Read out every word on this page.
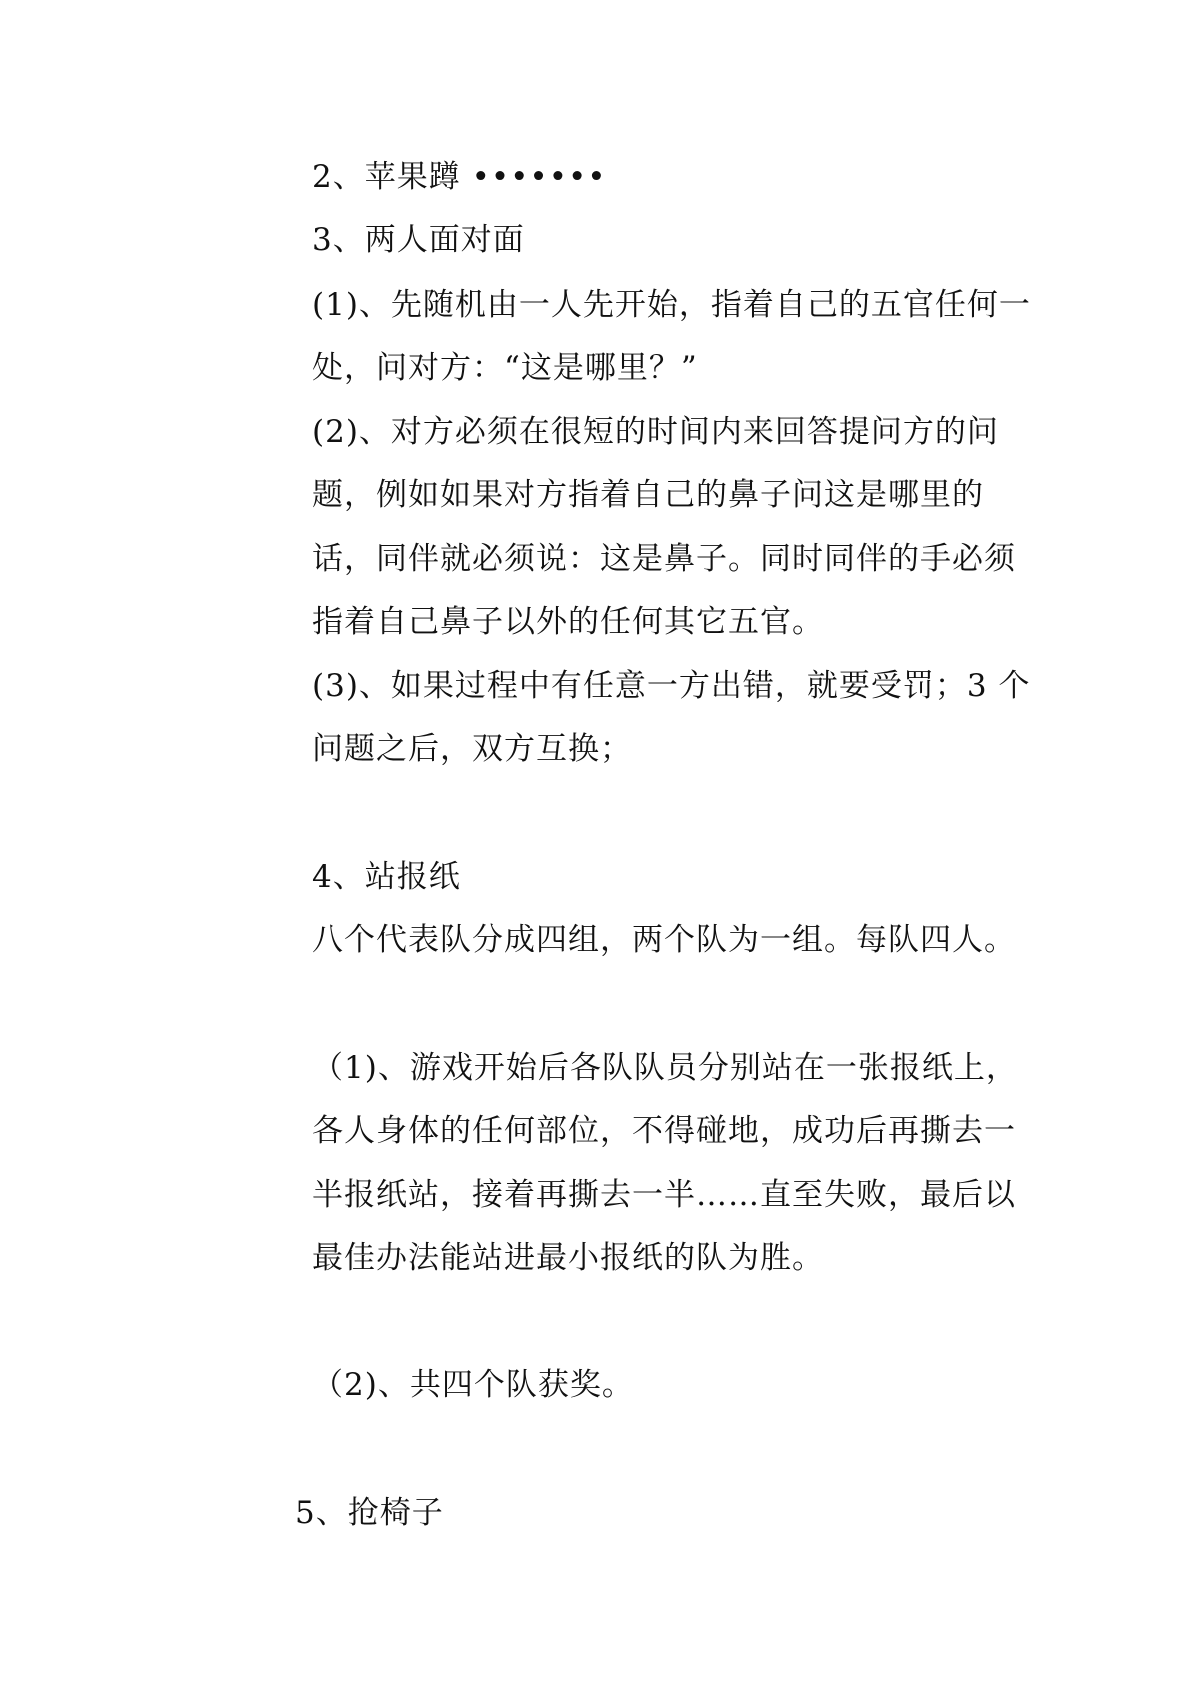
2、苹果蹲 •••••••

3、两人面对面

(1)、先随机由一人先开始，指着自己的五官任何一

处，问对方：“这是哪里？”

(2)、对方必须在很短的时间内来回答提问方的问

题，例如如果对方指着自己的鼻子问这是哪里的

话，同伴就必须说：这是鼻子。同时同伴的手必须

指着自己鼻子以外的任何其它五官。

(3)、如果过程中有任意一方出错，就要受罚；3 个

问题之后，双方互换；

4、站报纸

八个代表队分成四组，两个队为一组。每队四人。

（1)、游戏开始后各队队员分别站在一张报纸上，

各人身体的任何部位，不得碰地，成功后再撕去一

半报纸站，接着再撕去一半……直至失败，最后以

最佳办法能站进最小报纸的队为胜。

（2)、共四个队获奖。

5、抢椅子
